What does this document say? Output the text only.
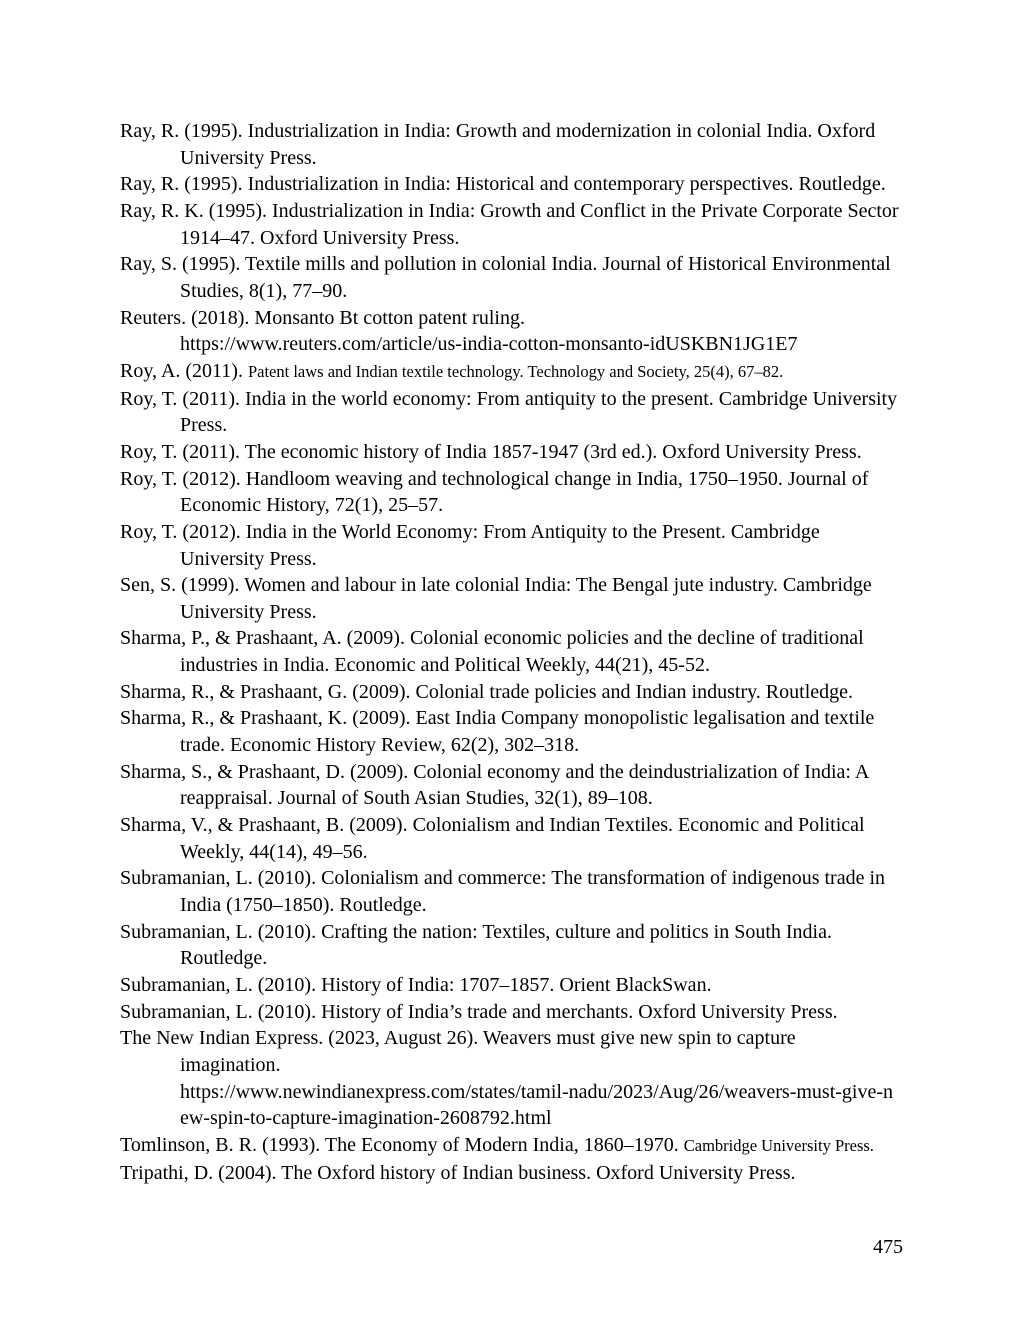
Ray, R. (1995). Industrialization in India: Growth and modernization in colonial India. Oxford
University Press.
Ray, R. (1995). Industrialization in India: Historical and contemporary perspectives. Routledge.
Ray, R. K. (1995). Industrialization in India: Growth and Conflict in the Private Corporate Sector
1914–47. Oxford University Press.
Ray, S. (1995). Textile mills and pollution in colonial India. Journal of Historical Environmental
Studies, 8(1), 77–90.
Reuters. (2018). Monsanto Bt cotton patent ruling.
https://www.reuters.com/article/us-india-cotton-monsanto-idUSKBN1JG1E7
Roy, A. (2011). Patent laws and Indian textile technology. Technology and Society, 25(4), 67–82.
Roy, T. (2011). India in the world economy: From antiquity to the present. Cambridge University
Press.
Roy, T. (2011). The economic history of India 1857-1947 (3rd ed.). Oxford University Press.
Roy, T. (2012). Handloom weaving and technological change in India, 1750–1950. Journal of
Economic History, 72(1), 25–57.
Roy, T. (2012). India in the World Economy: From Antiquity to the Present. Cambridge
University Press.
Sen, S. (1999). Women and labour in late colonial India: The Bengal jute industry. Cambridge
University Press.
Sharma, P., & Prashaant, A. (2009). Colonial economic policies and the decline of traditional
industries in India. Economic and Political Weekly, 44(21), 45-52.
Sharma, R., & Prashaant, G. (2009). Colonial trade policies and Indian industry. Routledge.
Sharma, R., & Prashaant, K. (2009). East India Company monopolistic legalisation and textile
trade. Economic History Review, 62(2), 302–318.
Sharma, S., & Prashaant, D. (2009). Colonial economy and the deindustrialization of India: A
reappraisal. Journal of South Asian Studies, 32(1), 89–108.
Sharma, V., & Prashaant, B. (2009). Colonialism and Indian Textiles. Economic and Political
Weekly, 44(14), 49–56.
Subramanian, L. (2010). Colonialism and commerce: The transformation of indigenous trade in
India (1750–1850). Routledge.
Subramanian, L. (2010). Crafting the nation: Textiles, culture and politics in South India.
Routledge.
Subramanian, L. (2010). History of India: 1707–1857. Orient BlackSwan.
Subramanian, L. (2010). History of India’s trade and merchants. Oxford University Press.
The New Indian Express. (2023, August 26). Weavers must give new spin to capture
imagination.
https://www.newindianexpress.com/states/tamil-nadu/2023/Aug/26/weavers-must-give-n
ew-spin-to-capture-imagination-2608792.html
Tomlinson, B. R. (1993). The Economy of Modern India, 1860–1970. Cambridge University Press.
Tripathi, D. (2004). The Oxford history of Indian business. Oxford University Press.
475
